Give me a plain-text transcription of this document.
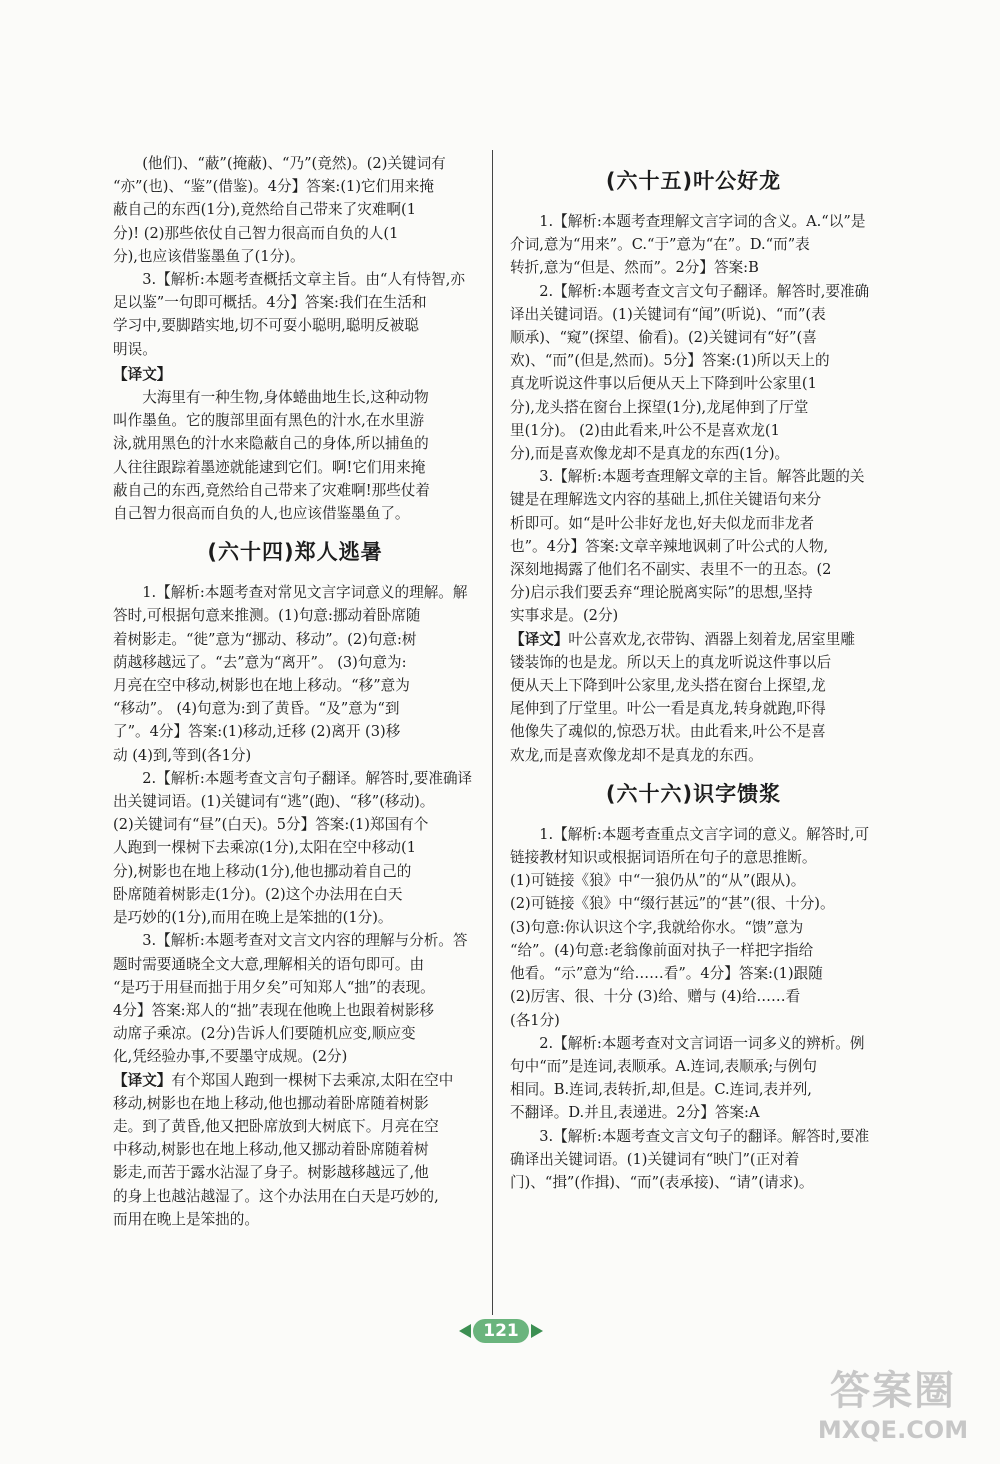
(他们)、“蔽”(掩蔽)、“乃”(竟然)。(2)关键词有
“亦”(也)、“鉴”(借鉴)。4分】答案:(1)它们用来掩
蔽自己的东西(1分),竟然给自己带来了灾难啊(1
分)! (2)那些依仗自己智力很高而自负的人(1
分),也应该借鉴墨鱼了(1分)。
3.【解析:本题考查概括文章主旨。由“人有恃智,亦
足以鉴”一句即可概括。4分】答案:我们在生活和
学习中,要脚踏实地,切不可耍小聪明,聪明反被聪
明误。
【译文】
大海里有一种生物,身体蜷曲地生长,这种动物
叫作墨鱼。它的腹部里面有黑色的汁水,在水里游
泳,就用黑色的汁水来隐蔽自己的身体,所以捕鱼的
人往往跟踪着墨迹就能逮到它们。啊!它们用来掩
蔽自己的东西,竟然给自己带来了灾难啊!那些仗着
自己智力很高而自负的人,也应该借鉴墨鱼了。
(六十四)郑人逃暑
1.【解析:本题考查对常见文言字词意义的理解。解
答时,可根据句意来推测。(1)句意:挪动着卧席随
着树影走。“徙”意为“挪动、移动”。(2)句意:树
荫越移越远了。“去”意为“离开”。 (3)句意为:
月亮在空中移动,树影也在地上移动。“移”意为
“移动”。 (4)句意为:到了黄昏。“及”意为“到
了”。4分】答案:(1)移动,迁移 (2)离开 (3)移
动 (4)到,等到(各1分)
2.【解析:本题考查文言句子翻译。解答时,要准确译
出关键词语。(1)关键词有“逃”(跑)、“移”(移动)。
(2)关键词有“昼”(白天)。5分】答案:(1)郑国有个
人跑到一棵树下去乘凉(1分),太阳在空中移动(1
分),树影也在地上移动(1分),他也挪动着自己的
卧席随着树影走(1分)。(2)这个办法用在白天
是巧妙的(1分),而用在晚上是笨拙的(1分)。
3.【解析:本题考查对文言文内容的理解与分析。答
题时需要通晓全文大意,理解相关的语句即可。由
“是巧于用昼而拙于用夕矣”可知郑人“拙”的表现。
4分】答案:郑人的“拙”表现在他晚上也跟着树影移
动席子乘凉。(2分)告诉人们要随机应变,顺应变
化,凭经验办事,不要墨守成规。(2分)
【译文】有个郑国人跑到一棵树下去乘凉,太阳在空中
移动,树影也在地上移动,他也挪动着卧席随着树影
走。到了黄昏,他又把卧席放到大树底下。月亮在空
中移动,树影也在地上移动,他又挪动着卧席随着树
影走,而苦于露水沾湿了身子。树影越移越远了,他
的身上也越沾越湿了。这个办法用在白天是巧妙的,
而用在晚上是笨拙的。
(六十五)叶公好龙
1.【解析:本题考查理解文言字词的含义。A.“以”是
介词,意为“用来”。C.“于”意为“在”。D.“而”表
转折,意为“但是、然而”。2分】答案:B
2.【解析:本题考查文言文句子翻译。解答时,要准确
译出关键词语。(1)关键词有“闻”(听说)、“而”(表
顺承)、“窥”(探望、偷看)。(2)关键词有“好”(喜
欢)、“而”(但是,然而)。5分】答案:(1)所以天上的
真龙听说这件事以后便从天上下降到叶公家里(1
分),龙头搭在窗台上探望(1分),龙尾伸到了厅堂
里(1分)。 (2)由此看来,叶公不是喜欢龙(1
分),而是喜欢像龙却不是真龙的东西(1分)。
3.【解析:本题考查理解文章的主旨。解答此题的关
键是在理解选文内容的基础上,抓住关键语句来分
析即可。如“是叶公非好龙也,好夫似龙而非龙者
也”。4分】答案:文章辛辣地讽刺了叶公式的人物,
深刻地揭露了他们名不副实、表里不一的丑态。(2
分)启示我们要丢弃“理论脱离实际”的思想,坚持
实事求是。(2分)
【译文】叶公喜欢龙,衣带钩、酒器上刻着龙,居室里雕
镂装饰的也是龙。所以天上的真龙听说这件事以后
便从天上下降到叶公家里,龙头搭在窗台上探望,龙
尾伸到了厅堂里。叶公一看是真龙,转身就跑,吓得
他像失了魂似的,惊恐万状。由此看来,叶公不是喜
欢龙,而是喜欢像龙却不是真龙的东西。
(六十六)识字馈浆
1.【解析:本题考查重点文言字词的意义。解答时,可
链接教材知识或根据词语所在句子的意思推断。
(1)可链接《狼》中“一狼仍从”的“从”(跟从)。
(2)可链接《狼》中“缀行甚远”的“甚”(很、十分)。
(3)句意:你认识这个字,我就给你水。“馈”意为
“给”。(4)句意:老翁像前面对执子一样把字指给
他看。“示”意为“给……看”。4分】答案:(1)跟随
(2)厉害、很、十分 (3)给、赠与 (4)给……看
(各1分)
2.【解析:本题考查对文言词语一词多义的辨析。例
句中“而”是连词,表顺承。A.连词,表顺承;与例句
相同。B.连词,表转折,却,但是。C.连词,表并列,
不翻译。D.并且,表递进。2分】答案:A
3.【解析:本题考查文言文句子的翻译。解答时,要准
确译出关键词语。(1)关键词有“映门”(正对着
门)、“揖”(作揖)、“而”(表承接)、“请”(请求)。
121
答案圈
MXQE.COM
